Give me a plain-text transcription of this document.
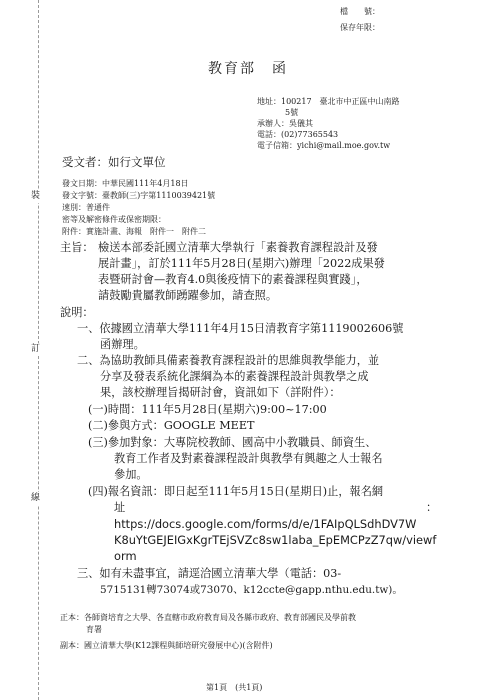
裝
訂
線
檔　　號：
保存年限：
教育部　函
地址：100217　臺北市中正區中山南路
5號
承辦人：吳儀其
電話：(02)77365543
電子信箱：yichi@mail.moe.gov.tw
受文者：如行文單位
發文日期：中華民國111年4月18日
發文字號：臺教師(三)字第1110039421號
速別：普通件
密等及解密條件或保密期限：
附件：實施計畫、海報　附件一　附件二
主旨： 檢送本部委託國立清華大學執行「素養教育課程設計及發
展計畫」，訂於111年5月28日(星期六)辦理「2022成果發
表暨研討會—教育4.0與後疫情下的素養課程與實踐」，
請鼓勵貴屬教師踴躍參加，請查照。
說明：
一、依據國立清華大學111年4月15日清教育字第1119002606號
函辦理。
二、為協助教師具備素養教育課程設計的思維與教學能力，並
分享及發表系統化課綱為本的素養課程設計與教學之成
果，該校辦理旨揭研討會，資訊如下（詳附件）：
(一)時間：111年5月28日(星期六)9:00~17:00
(二)參與方式：GOOGLE MEET
(三)參加對象：大專院校教師、國高中小教職員、師資生、
教育工作者及對素養課程設計與教學有興趣之人士報名
參加。
(四)報名資訊：即日起至111年5月15日(星期日)止，報名網
址	：
https://docs.google.com/forms/d/e/1FAIpQLSdhDV7W
K8uYtGEJEIGxKgrTEjSVZc8sw1laba_EpEMCPzZ7qw/viewf
orm
三、如有未盡事宜，請逕洽國立清華大學（電話：03-
5715131轉73074或73070、k12ccte@gapp.nthu.edu.tw)。
正本：各師資培育之大學、各直轄市政府教育局及各縣市政府、教育部國民及學前教
育署
副本：國立清華大學(K12課程與師培研究發展中心)(含附件)
第1頁　(共1頁)
